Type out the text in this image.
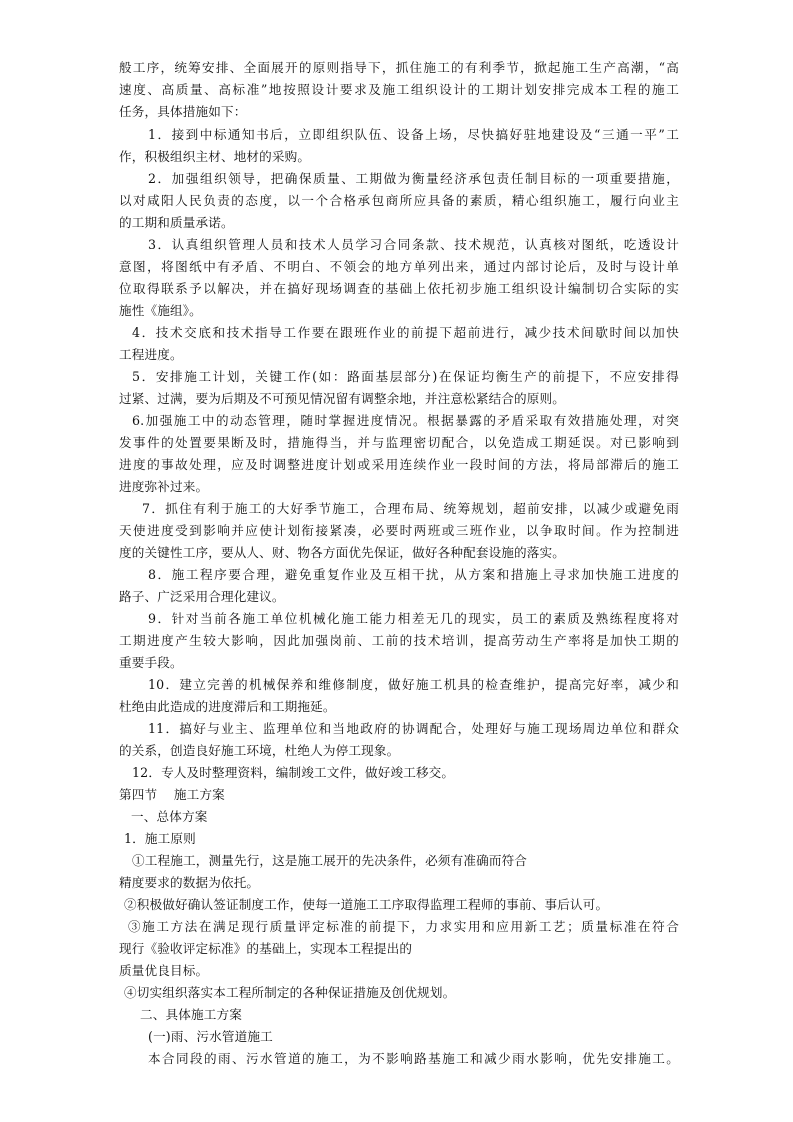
般工序，统筹安排、全面展开的原则指导下，抓住施工的有利季节，掀起施工生产高潮，“高
速度、高质量、高标准”地按照设计要求及施工组织设计的工期计划安排完成本工程的施工
任务，具体措施如下：
1．接到中标通知书后，立即组织队伍、设备上场，尽快搞好驻地建设及“三通一平”工
作，积极组织主材、地材的采购。
2．加强组织领导，把确保质量、工期做为衡量经济承包责任制目标的一项重要措施，
以对咸阳人民负责的态度，以一个合格承包商所应具备的素质，精心组织施工，履行向业主
的工期和质量承诺。
3．认真组织管理人员和技术人员学习合同条款、技术规范，认真核对图纸，吃透设计
意图，将图纸中有矛盾、不明白、不领会的地方单列出来，通过内部讨论后，及时与设计单
位取得联系予以解决，并在搞好现场调查的基础上依托初步施工组织设计编制切合实际的实
施性《施组》。
4．技术交底和技术指导工作要在跟班作业的前提下超前进行，减少技术间歇时间以加快
工程进度。
5．安排施工计划，关键工作(如：路面基层部分)在保证均衡生产的前提下，不应安排得
过紧、过满，要为后期及不可预见情况留有调整余地，并注意松紧结合的原则。
6.加强施工中的动态管理，随时掌握进度情况。根据暴露的矛盾采取有效措施处理，对突
发事件的处置要果断及时，措施得当，并与监理密切配合，以免造成工期延误。对已影响到
进度的事故处理，应及时调整进度计划或采用连续作业一段时间的方法，将局部滞后的施工
进度弥补过来。
7．抓住有利于施工的大好季节施工，合理布局、统筹规划，超前安排，以减少或避免雨
天使进度受到影响并应使计划衔接紧凑，必要时两班或三班作业，以争取时间。作为控制进
度的关键性工序，要从人、财、物各方面优先保证，做好各种配套设施的落实。
8．施工程序要合理，避免重复作业及互相干扰，从方案和措施上寻求加快施工进度的
路子、广泛采用合理化建议。
9．针对当前各施工单位机械化施工能力相差无几的现实，员工的素质及熟练程度将对
工期进度产生较大影响，因此加强岗前、工前的技术培训，提高劳动生产率将是加快工期的
重要手段。
10．建立完善的机械保养和维修制度，做好施工机具的检查维护，提高完好率，减少和
杜绝由此造成的进度滞后和工期拖延。
11．搞好与业主、监理单位和当地政府的协调配合，处理好与施工现场周边单位和群众
的关系，创造良好施工环境，杜绝人为停工现象。
12．专人及时整理资料，编制竣工文件，做好竣工移交。
第四节    施工方案
一、总体方案
1．施工原则
①工程施工，测量先行，这是施工展开的先决条件，必须有准确而符合
精度要求的数据为依托。
②积极做好确认签证制度工作，使每一道施工工序取得监理工程师的事前、事后认可。
③施工方法在满足现行质量评定标准的前提下，力求实用和应用新工艺；质量标准在符合
现行《验收评定标准》的基础上，实现本工程提出的
质量优良目标。
④切实组织落实本工程所制定的各种保证措施及创优规划。
二、具体施工方案
(一)雨、污水管道施工
本合同段的雨、污水管道的施工，为不影响路基施工和减少雨水影响，优先安排施工。
